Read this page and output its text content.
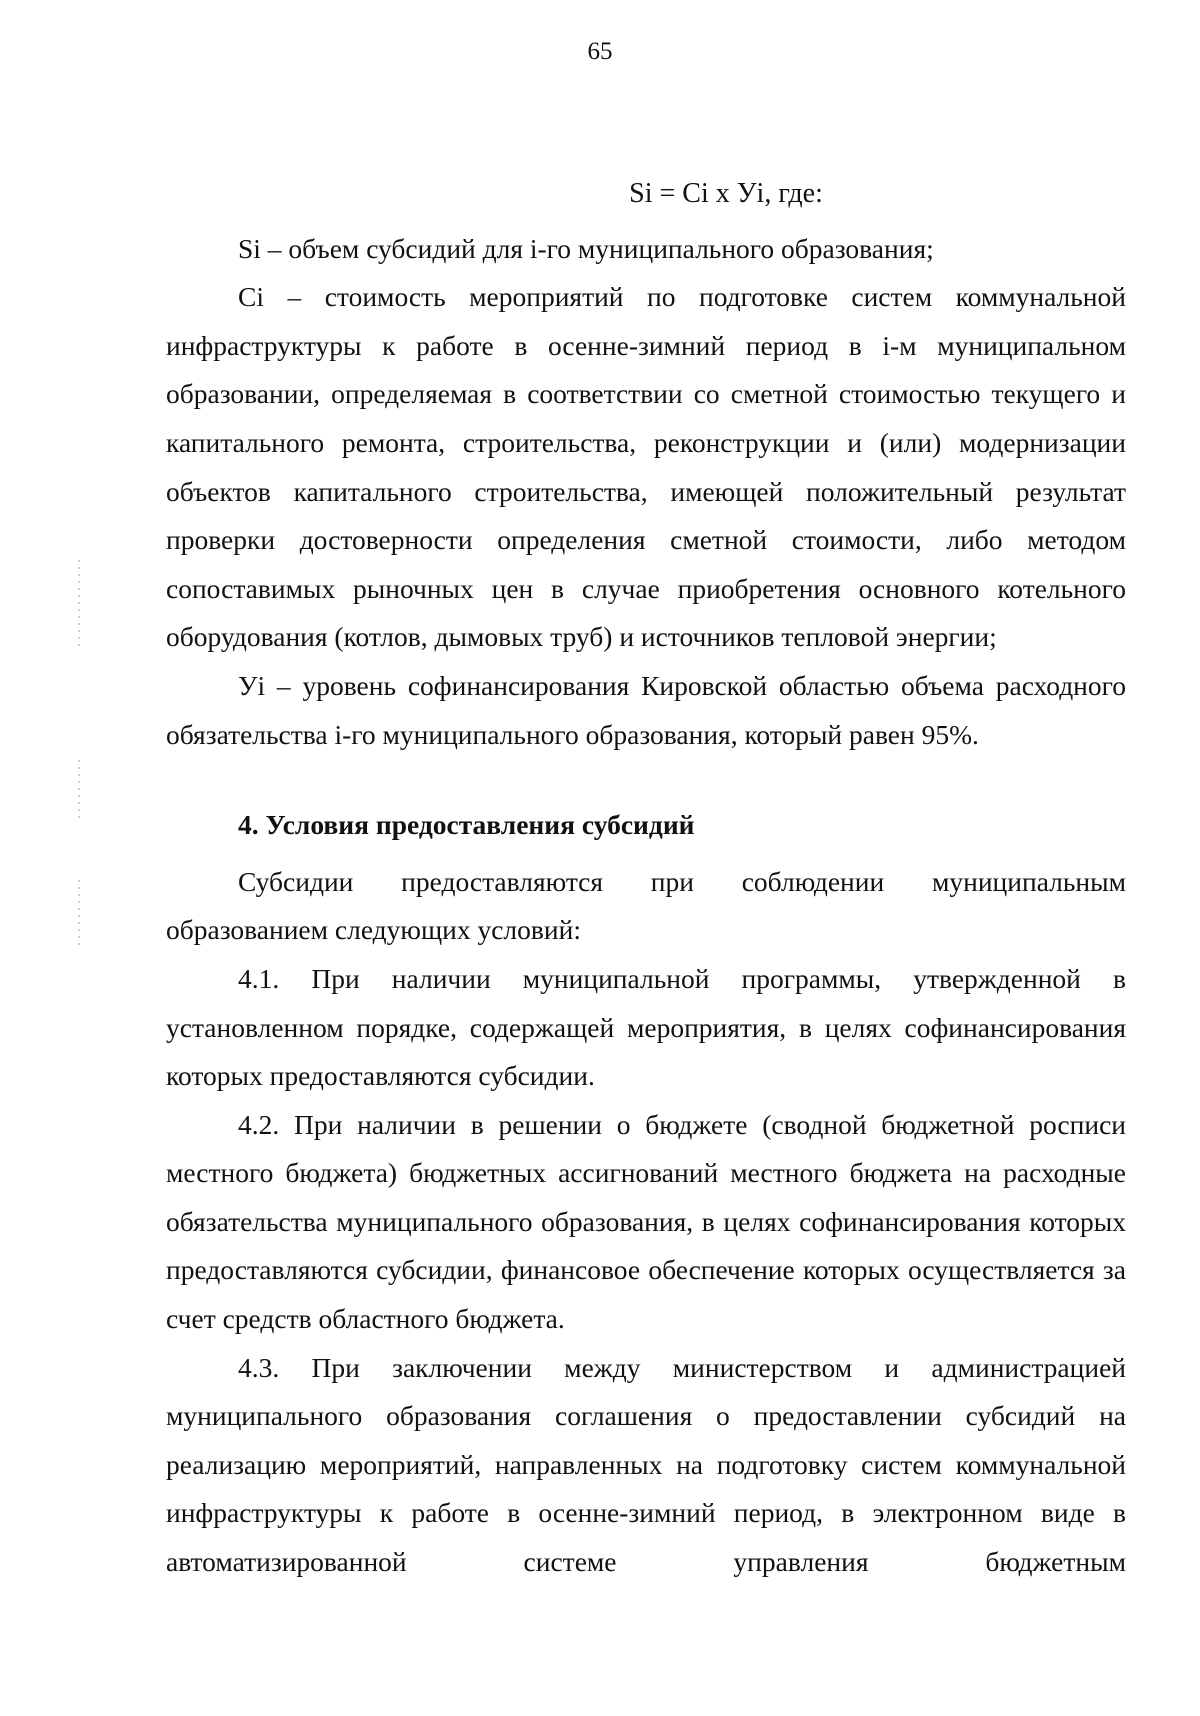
65

Si = Ci x Уi, где:

Si – объем субсидий для i-го муниципального образования;

Ci – стоимость мероприятий по подготовке систем коммунальной инфраструктуры к работе в осенне-зимний период в i-м муниципальном образовании, определяемая в соответствии со сметной стоимостью текущего и капитального ремонта, строительства, реконструкции и (или) модернизации объектов капитального строительства, имеющей положительный результат проверки достоверности определения сметной стоимости, либо методом сопоставимых рыночных цен в случае приобретения основного котельного оборудования (котлов, дымовых труб) и источников тепловой энергии;

Уi – уровень софинансирования Кировской областью объема расходного обязательства i-го муниципального образования, который равен 95%.

4. Условия предоставления субсидий

Субсидии предоставляются при соблюдении муниципальным образованием следующих условий:

4.1. При наличии муниципальной программы, утвержденной в установленном порядке, содержащей мероприятия, в целях софинансирования которых предоставляются субсидии.

4.2. При наличии в решении о бюджете (сводной бюджетной росписи местного бюджета) бюджетных ассигнований местного бюджета на расходные обязательства муниципального образования, в целях софинансирования которых предоставляются субсидии, финансовое обеспечение которых осуществляется за счет средств областного бюджета.

4.3. При заключении между министерством и администрацией муниципального образования соглашения о предоставлении субсидий на реализацию мероприятий, направленных на подготовку систем коммунальной инфраструктуры к работе в осенне-зимний период, в электронном виде в автоматизированной системе управления бюджетным
